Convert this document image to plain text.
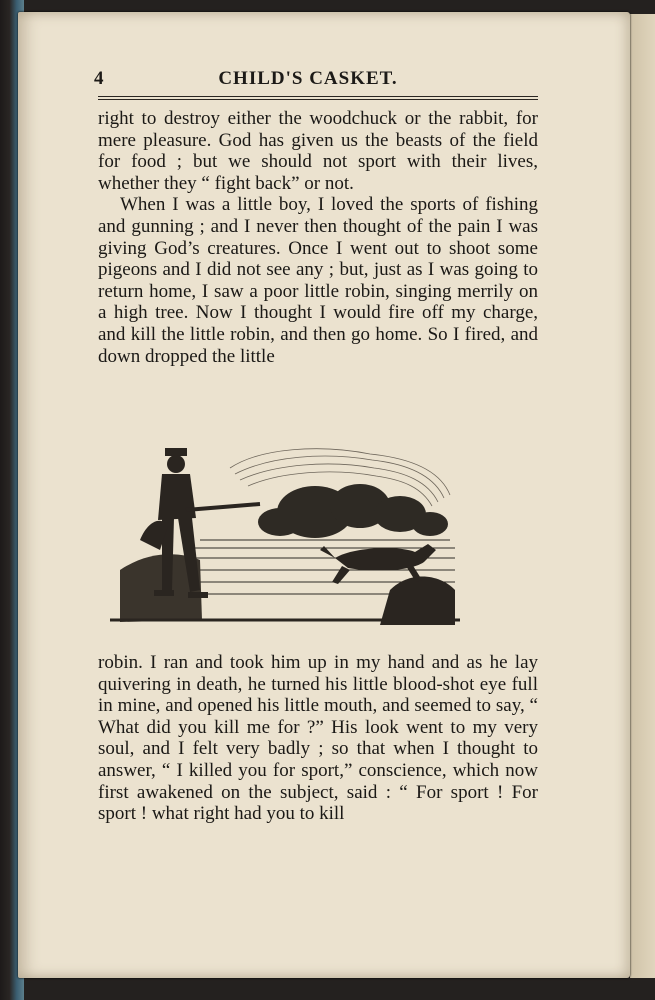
4	CHILD'S CASKET.

right to destroy either the woodchuck or the rabbit, for mere pleasure. God has given us the beasts of the field for food ; but we should not sport with their lives, whether they “ fight back” or not.

When I was a little boy, I loved the sports of fishing and gunning ; and I never then thought of the pain I was giving God’s creatures. Once I went out to shoot some pigeons and I did not see any ; but, just as I was going to return home, I saw a poor little robin, singing merrily on a high tree. Now I thought I would fire off my charge, and kill the little robin, and then go home. So I fired, and down dropped the little

robin. I ran and took him up in my hand and as he lay quivering in death, he turned his little blood-shot eye full in mine, and opened his little mouth, and seemed to say, “ What did you kill me for ?” His look went to my very soul, and I felt very badly ; so that when I thought to answer, “ I killed you for sport,” conscience, which now first awakened on the subject, said : “ For sport ! For sport ! what right had you to kill
